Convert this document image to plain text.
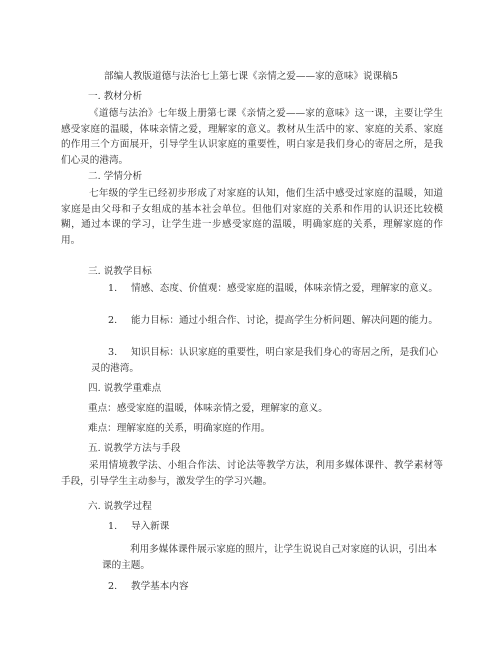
部编人教版道德与法治七上第七课《亲情之爱——家的意味》说课稿5
一. 教材分析
《道德与法治》七年级上册第七课《亲情之爱——家的意味》这一课，主要让学生感受家庭的温暖，体味亲情之爱，理解家的意义。教材从生活中的家、家庭的关系、家庭的作用三个方面展开，引导学生认识家庭的重要性，明白家是我们身心的寄居之所，是我们心灵的港湾。
二. 学情分析
七年级的学生已经初步形成了对家庭的认知，他们生活中感受过家庭的温暖，知道家庭是由父母和子女组成的基本社会单位。但他们对家庭的关系和作用的认识还比较模糊，通过本课的学习，让学生进一步感受家庭的温暖，明确家庭的关系，理解家庭的作用。
三. 说教学目标
1. 情感、态度、价值观：感受家庭的温暖，体味亲情之爱，理解家的意义。
2. 能力目标：通过小组合作、讨论，提高学生分析问题、解决问题的能力。
3. 知识目标：认识家庭的重要性，明白家是我们身心的寄居之所，是我们心灵的港湾。
四. 说教学重难点
重点：感受家庭的温暖，体味亲情之爱，理解家的意义。
难点：理解家庭的关系，明确家庭的作用。
五. 说教学方法与手段
采用情境教学法、小组合作法、讨论法等教学方法，利用多媒体课件、教学素材等手段，引导学生主动参与，激发学生的学习兴趣。
六. 说教学过程
1. 导入新课
利用多媒体课件展示家庭的照片，让学生说说自己对家庭的认识，引出本课的主题。
2. 教学基本内容
